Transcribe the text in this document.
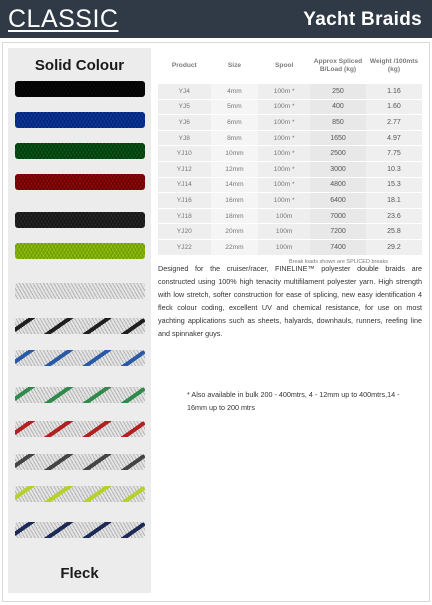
CLASSIC	Yacht Braids
Solid Colour
Fleck
Product	Size	Spool	Approx Spliced B/Load (kg)	Weight /100mts (kg)
YJ4	4mm	100m *	250	1.16
YJ5	5mm	100m *	400	1.60
YJ6	6mm	100m *	850	2.77
YJ8	8mm	100m *	1650	4.97
YJ10	10mm	100m *	2500	7.75
YJ12	12mm	100m *	3000	10.3
YJ14	14mm	100m *	4800	15.3
YJ16	16mm	100m *	6400	18.1
YJ18	18mm	100m	7000	23.6
YJ20	20mm	100m	7200	25.8
YJ22	22mm	100m	7400	29.2
Break loads shown are SPLICED breaks
Designed for the cruiser/racer, FINELINE™ polyester double braids are constructed using 100% high tenacity multifilament polyester yarn. High strength with low stretch, softer construction for ease of splicing, new easy identification 4 fleck colour coding, excellent UV and chemical resistance, for use on most yachting applications such as sheets, halyards, downhauls, runners, reefing line and spinnaker guys.
* Also available in bulk 200 - 400mtrs, 4 - 12mm up to 400mtrs,14 - 16mm up to 200 mtrs
